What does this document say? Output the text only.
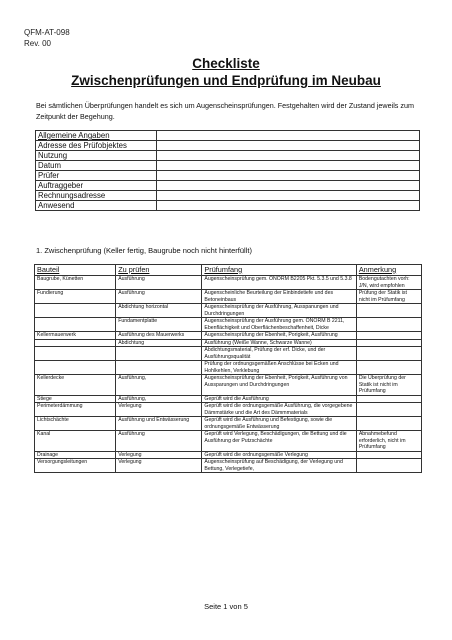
QFM-AT-098
Rev. 00
Checkliste
Zwischenprüfungen und Endprüfung im Neubau
Bei sämtlichen Überprüfungen handelt es sich um Augenscheinsprüfungen. Festgehalten wird der Zustand jeweils zum Zeitpunkt der Begehung.
Allgemeine Angaben	
Adresse des Prüfobjektes	
Nutzung	
Datum	
Prüfer	
Auftraggeber	
Rechnungsadresse	
Anwesend	
1. Zwischenprüfung (Keller fertig, Baugrube noch nicht hinterfüllt)
Bauteil	Zu prüfen	Prüfumfang	Anmerkung
Baugrube, Künetten	Ausführung	Augenscheinsprüfung gem. ÖNORM B2205 Pkt. 5.3.5 und 5.3.8	Bodengutachten vorh: J/N, wird empfohlen
Fundierung	Ausführung	Augenscheinliche Beurteilung der Einbindetiefe und des Betoneinbaus	Prüfung der Statik ist nicht im Prüfumfang
	Abdichtung horizontal	Augenscheinsprüfung der Ausführung, Ausspanungen und Durchdringungen	
	Fundamentplatte	Augenscheinsprüfung der Ausführung gem. ÖNORM B 2211, Ebenflächigkeit und Oberflächenbeschaffenheit, Dicke	
Kellermauerwerk	Ausführung des Mauerwerks	Augenscheinsprüfung der Ebenheit, Porigkeit, Ausführung	
	Abdichtung	Ausführung (Weiße Wanne, Schwarze Wanne)	
		Abdichtungsmaterial, Prüfung der erf. Dicke, und der Ausführungsqualität	
		Prüfung der ordnungsgemäßen Anschlüsse bei Ecken und Hohlkehlen, Verklebung	
Kellerdecke	Ausführung,	Augenscheinsprüfung der Ebenheit, Porigkeit, Ausführung von Aussparungen und Durchdringungen	Die Überprüfung der Statik ist nicht im Prüfumfang
Stiege	Ausführung,	Geprüft wird die Ausführung	
Perimeterdämmung	Verlegung	Geprüft wird die ordnungsgemäße Ausführung, die vorgegebene Dämmstärke und die Art des Dämmmaterials	
Lichtschächte	Ausführung und Entwässerung	Geprüft wird die Ausführung und Befestigung, sowie die ordnungsgemäße Entwässerung	
Kanal	Ausführung	Geprüft wird Verlegung, Beschädigungen, die Bettung und die Ausführung der Putzschächte	Abnahmebefund erforderlich, nicht im Prüfumfang
Drainage	Verlegung	Geprüft wird die ordnungsgemäße Verlegung	
Versorgungsleitungen	Verlegung	Augenscheinsprüfung auf Beschädigung, der Verlegung und Bettung, Verlegetiefe,	
Seite 1 von 5
